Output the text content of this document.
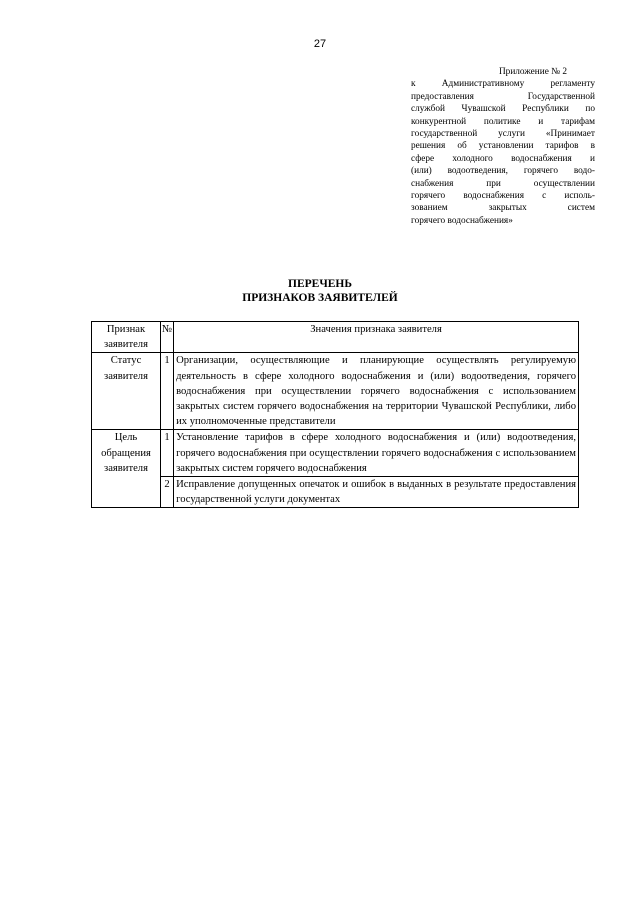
27
Приложение № 2
к Административному регламенту
предоставления Государственной
службой Чувашской Республики по
конкурентной политике и тарифам
государственной услуги «Принимает
решения об установлении тарифов в
сфере холодного водоснабжения и
(или) водоотведения, горячего водо-
снабжения при осуществлении
горячего водоснабжения с исполь-
зованием закрытых систем
горячего водоснабжения»
ПЕРЕЧЕНЬ
ПРИЗНАКОВ ЗАЯВИТЕЛЕЙ
Признак заявителя	№	Значения признака заявителя
Статус заявителя	1	Организации, осуществляющие и планирующие осуществлять регулируемую деятельность в сфере холодного водоснабжения и (или) водоотведения, горячего водоснабжения при осуществлении горячего водоснабжения с использованием закрытых систем горячего водоснабжения на территории Чувашской Республики, либо их уполномоченные представители
Цель обращения заявителя	1	Установление тарифов в сфере холодного водоснабжения и (или) водоотведения, горячего водоснабжения при осуществлении горячего водоснабжения с использованием закрытых систем горячего водоснабжения
	2	Исправление допущенных опечаток и ошибок в выданных в результате предоставления государственной услуги документах
